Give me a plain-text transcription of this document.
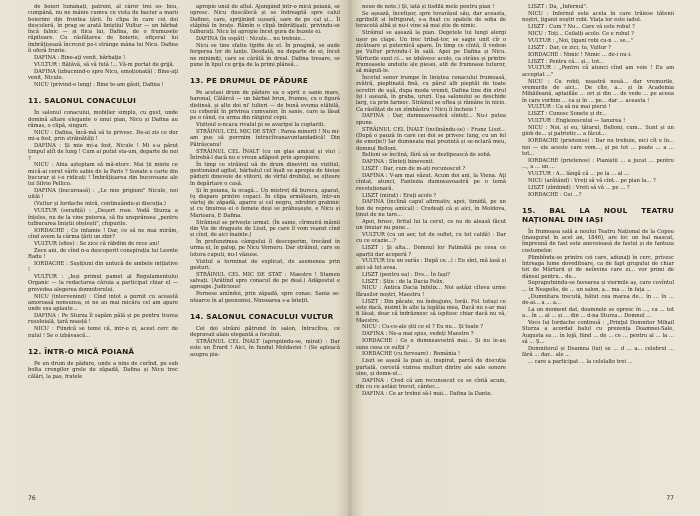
de boieri lumânați, patroni, al căror trei so- beu, cumpănă, nu ne mânie cumva cu vista de baciur a marii boierimi din frontea țării. În clipa în care cei doi descoleră, în prag se arată liniștiul Vultur — un bărbat încă falnic — și fiica lui, Dafina, de o frumusețe răpitoare. Cu răsfățarea de boierie, ofiçeral lui îmbrățișează încrezut pe-i strânge mâna lui Nicu. Dafina îi oferă frunte.

DAFINA : Bine-aţi venit, bărbaţie !

VULTUR : Bătăvă, să vă fută !... Vă-m purtat de grijă.

DAFINA (izbucnind-o spre Nicu, emoționată) : Bine-aţi venit, Nicule.

NICU (privind-o lung) : Bine te-am găsit, Dafina !

11. SALONUL CONACULUI

În salonul conacului, mobilier simplu, cu gust, unde domină altare elegante o unui pian, Nicu și Dafina au rămas, o clipă, singuri.

NICU : Dafina, încă-mă să te privesc. De-ai zis ce dor mi-a fost, prin străinătăți !

DAFINA : Și mie mi-a fost, Nicule ! Mi s-a părut timpul atît de lung ! Cum ai putut sta-um, departe de noi ?

NICU : Abia așteptam să mă-ntorc. Mai ții minte ce mică-ai cerut vârfe sabie de la Paris ? Sonate e carte din bucurar și i-o ridicați ! Îmbrățișarea din bucovoane ale lui Silvio Pellico.

DAFINA (bucuroasă) : „Le mie prigioni" Nicule, noi uităi !

(Vultur și Iordache intră, continuându-și discuția.)

VULTUR (serafiță) : „Deșert rose. Vodă Sturza a înțeles, nu de la vine puterea, să fiu unsprânsea „pentru tulburarea liniștii obștești", chipurile.

IORDACHE : Ce infamie ! Dar, ce să ne mai mirăm, cînd avem la cârma țării un zbir?

VULTUR (sfios) : Se zice că răbdim de rece ani!

Zece ani, de cînd n-a descoperit conspirația lui Leonte Radu !

IORDACHE : Sușițiuni din untucă de ambele inițiative !

VULTUR : „Ieși primul pamet al Regulamentului Organic — la redactarea căruia a participat chiar el — prevedea alegerea domnitorului.

NICU (intervenind) : Cînd intot a pornit cu această amoroasă nonsunsa, ei ne au mai micăra cel am apare unde sus aplaute...

DAFINA : Pe Sturza îl sapăm pâlă și pe pentru trarea rusoloială, țară noasță !

NICU : Fiindcă se teme că, intr-o zi, acest cerc de nulul ! Se o izbăvască...

12. ÎNTR-O MICĂ POIANĂ

Pe un drum de pădure, unde a nins de curînd, pe sub bolta crengilor grele de zăpadă, Dafina și Nicu trec călări, la pas, fratele

apropie unul de altul. Ajungând într-o mică poiană, se opresc. Nicu descălecă și se îndreaptă spre calul Dafinei, care, sprijinind ușoară, sare de pe cal și... Îl stăpînă în brațe. Rămîn o clipă îmbrățișați, privindu-se tulburați. Nicu își apropie încet gura de buzele ei.

DAFINA (în ospăt) : Nicule... nu trebuie...

Nicu se tine sfatiu tipifie de el. În preajmă, se aude fergerea lor de lanțe. Deodată, nu departe de ei, încet ne minimiți, care se cărătă în dreal. Dafina tresare, se pune în lipul cu grija de la primi plânsă...

13. PE DRUMUL DE PĂDURE

Pe acelasi drum de pădure ea o aprit o sanie mare, haronal, Călărcă — un bărbat brun, frumos, cu o figură distinsă, și alte doi ni' tulieri — de bună evuma etăbilă, cu coborât în privirea cumvanor, în sanie, care ia lăsat pe o rând, cu urma din rătgirul cepii.

Vizitoul o-ncaca rivalul pi se avaripsi la cuptariti.

STRĂINUL CEL MIC DE STAT : Parea minerit ! Nu mi-am pus să porrnim întrucîtvanavuntandadică! Din Pătrășcanu!

STRĂINUL CEL ÎNALT (cu un glas amical și viu) : Întrebă-l dacă nu e vreun adăpost prin apropiere.

În timp ce străinul uă de drum dinevirii nu vizitiul, gestionând agitat, bărbatul cel înalt se apropie de hieișe pădurii dinevole de viitorii, de vîrful drobilul, se oțtesre în depărtare o casă.

Și în poiana, la ocagă... Un mistreț dă bursca, aparat, tu dispare printre copaci. În clipa următoare, într-un vârtej de zăpadă, aparre și cel negru, zdrobiri grabinic și cu tinuirea ei o femeie deși se prăbușește, e Nicu și Marioara, E Dafina.

Strănisul se privește urmat. (În sanie, cîrmuiră mâinii din Vis de draguste de Liszt, pe care îl vom reanzi cînd și cînd, de aici înainte.)

În profunzimea câmpului îl descoperim, trecând în urma ei, în galop, pe Nicu Verneru. Dar străinul, care se lutora cuputi, nu-l văzuse.

Vizitul a terminat de explicat, de asemenea prin gesturi.

STRĂINUL CEL MIC DE STAT : Maestro ! Stamen salvați. (Arătînd spre conacul de pe deal.) Adăpostul e aproape. Judicious!

Pornese amîndoi, prin zăpadă, spre conac. Sania se-ntoarce în al geenunisi, Ninsoarea s-a întețit.

14. SALONUL CONACULUI VULTUR

Cei doi străini pătrund în salon, întrucîtva, ce depravaii alaiu elegantă a foculuii.

STRĂINUL CEL ÎNALT (apropiindu-se, mirat) : Dar este un Érard ! Aici, în fundul Moldaviei ! (Se apleacă asupra pia-

76

nouo de note.) Și, iată și tisdilă mele pentru pian !

Se așează, încetișor, spre tovarășul său, dar aceasta, zgribulit și înfrigurat, s-a fixat cu spatele de soba de teracotă albă și nu-i vine să mai știe de nimic.

Străinul se așează la pian. Degetele lui lungi alergi ușor pe clape. Un trec tribat-tor, se sagie unit cîr o zicătoare și puternică apare. În timp ce cîntă, îl vedem pe Vultur privindu-l în sală. Apoi pe Dafina și Nicu. Vârfurile sunt ci... se izbăvesc acolo, ca strâns și printre frumoasele unduite ale piesei, atit de frumoase tuturor, să măguli-le.

Încetul senor irumpe în liniștea conacului frumoasă, zvâtră, pieptinată fină, cu părul alb pieptăt de toate ocrotiri de ușă, dupa moda vremii, Dafina tine din strul Iși i așează, în graba, ururi. Ușa salonului se deschide larg, ca prin farmec. Străinul se oftea și rămâne în nicio. Ca răsfățat de un zîmbăstru ! Nicu îi încheie !

DAFINA : Dar, dumneavoastră sînteți... Nu-i putea spune.

STRĂINUL CEL ÎNALT (inclinându-se) : Franz Liszt... (După o pauză în care cei doi se privesc lung, cu un fel de emoție!) Iar dumneata mai prezintă și se-nclară meu, domnul Belloni.

Belloni se înclină, fără să se dezlipească de sobă.

DAFINA : Sînteți binevenit.

LISZT : Dar, cum de m-ați recunoscut ?

DAFINA : V-am mai văzut. Acum doi ani, la Viena. Aţi cîntat, atunci, Fantezia dumneavoastră pe o temă revoluționară.

LISZT (mirat) : Eraţi acolo ?

DAFINA (înclină capul afirmativ, apoi, timidă, pe un ton de reproș amical) : Credeați că și aici, în Moldova, ținut de nu tare...

Apoi, brusc, firitul lui la cerul, ce nu de aleasă făcut un tinuiar nu pune...

VULTUR (cu un aer, tot de suflet, cu tot caldă) : Dar cu ce ocazie...?

LISZT : Și alta... Domnul lor Fatimătă pe ceea ce aparții dar acoperă ?

VULTUR (cu un surâs : După ce...) : Eu sînt, mă lasă și aici să tot avea.

LISZT (pentru ea) : Dvs... În Iași?

LISZT : Știu : de la Dacia Felix.

NICU : Antica Dacia Infelix... Noi astăzi cîteva urme fărasilor noștri, Maestru !

LISZT : Din păcate, nu îndeajuns, Iorăi. Fol. totuși ce este dacă, nisimt în alte la legătia mea, Dacă nu s-ar mai fi lăsat, doar că îndrăznesc să ispitesc chiar dacă nu vă, Maestre.

NICU : Cu-ce-ale știi ce el ? Eu nu... Și toate ?

DAFINA : Ne-a mai spus, vedeți Maestre ?

IORDACHE : Ce o dumneavostră mai... Și nu le-au sune ceea ce sulții ?

IORDACHE (cu fervoare) : România !

Liszt se așază la pian și, inspirat, parcă de discuția purtată, cercetă vizirea mulluri dintre ale sale sonore sine, și domn-ul...

DAFINA : Cred că am recunoscut ce se cîntă acum, din cu ce astăzi trecut, cântec...

DAFINA : Ce ar trebui să-l mai... Dafina la Dante.

LISZT : Da, „Infernul".

NICU : Infernul este acela în care trăiese tătenii noștri, țiganii noștri robi. Viața lor este iadul.

LISZT : Cum ? Nu... Care vă este robul ?

NICU : Toți... Ceilalți acolo. Ce e robul ?

VULTUR : „Noi, țigani robi cu-n ... se..."

LISZT : Dar, ce zici, tu, Vultur ?

IORDACHE : Nimic ! Nimic ... de-i nu-i.

LISZT : Pentru că... și... tot...

VULTUR : „Pentru că atunci cînd am voie ! Eu am acceptat ..."

NICU : Cu robii, noastră nouă... dar vremurile, vremurile de aici... De cîte, a... și în Academia Mihăileană, aptaiilăe ... ori și din ... de vede ... pe aceea în care vorbim ... ca și în ... pe... dar ... aceasta !

VULTUR : Ca să nu mai pierzi !

LISZT : Cunosc Sonete și dr...

VULTUR : Englezescului — Ianurea !

NICU : Noi, și eu, tătarul, Belloni, cum... Sunt și un glob de... și patriotic... a făcut...

IORDACHE (prietenos) : Dar nu trebuie, nici cît e în... noi — ele aceste care vom..., și pe tot ... poate ... a ... tot...

IORDACHE (prietenos) : Pianiștii ... a jucat ... pentru ..., a ... un ...

VULTUR : A... lângă că ... pe la ... al ...

NICU (arătând) : Vreți să vă cînt... pe pian la... ?

LISZT (zîmbind) : Vreti să vă ... pe ... ?

IORDACHE : Cei ...?

15. BAL LA NOUL TEATRU NAȚIONAL DIN IAȘI

În frumoasa sală a noului Teatru Național de la Copou (inaugurat în acel an, 1846), are loc un bal mascat, împreună de fast este anevoioasă de fastul și de fanteza costumelor.

Plimbîndu-se printre cei care, adunați în cerc, privesc întreaga lume doveditoare, ca de fapt grupului de chiar tot de Mărturii și de neînvins care zi... vor primi de dânsul pentru... de...

Supraputnindu-se favoarea și viermile aș, care cuvîntul ... în Neapolis, de ... un salon, a... ma ... în fața ...

„Dumnitara trecută, bătut cea marea de... în ... în ... de-ai... a ... a...

La un moment dat, doamnele se opresc în ..., ca ... tot a... în ... al ... și ... din ... d-na Sturza... Domnul ...

Voco lui Iordache continuă : „Prinţul Domnitor Mihail Sturza a acordat balul cu prezența Doamnei-Sale, Augusta sa ... în lojă, fiind ... de ... ce ... pentru al ... la ... să ... Ș...

Domnitorul și Doamna (lui) se ... d ... a... celebrul ... fără ... dar... ale ...

... care a participat ... la celelalte trei ...

77
